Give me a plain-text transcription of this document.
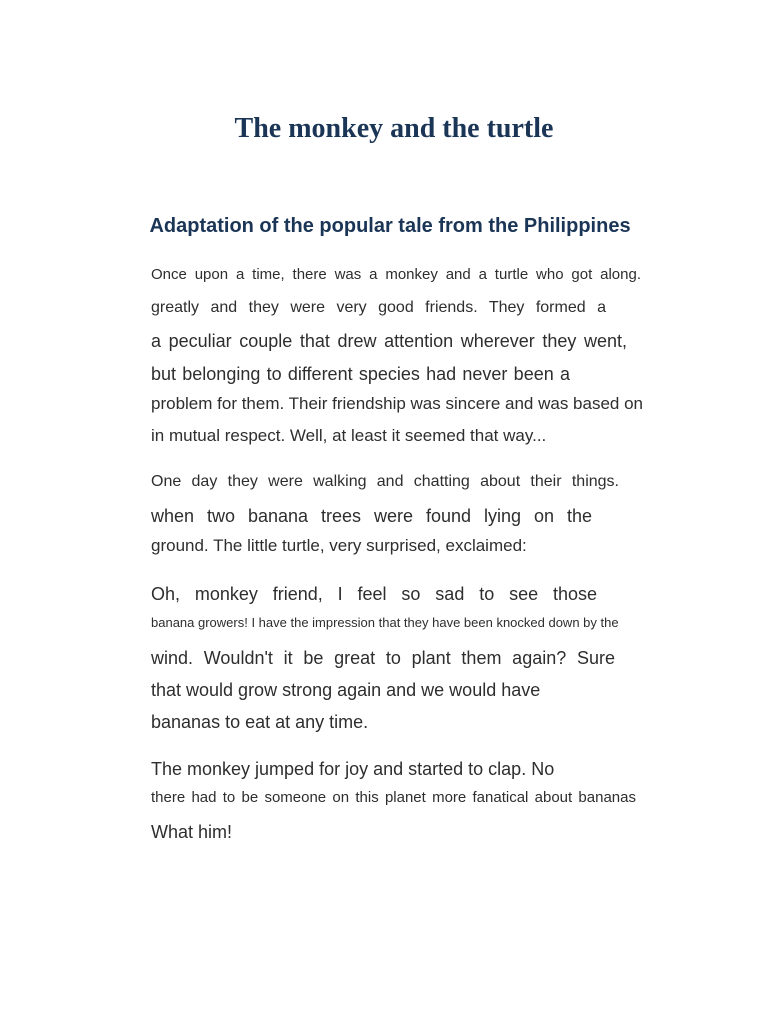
The monkey and the turtle
Adaptation of the popular tale from the Philippines

Once upon a time, there was a monkey and a turtle who got along.

greatly and they were very good friends. They formed a

a peculiar couple that drew attention wherever they went,

but belonging to different species had never been a

problem for them. Their friendship was sincere and was based on

in mutual respect. Well, at least it seemed that way...

One day they were walking and chatting about their things.

when two banana trees were found lying on the

ground. The little turtle, very surprised, exclaimed:

Oh, monkey friend, I feel so sad to see those

banana growers! I have the impression that they have been knocked down by the

wind. Wouldn't it be great to plant them again? Sure

that would grow strong again and we would have

bananas to eat at any time.

The monkey jumped for joy and started to clap. No

there had to be someone on this planet more fanatical about bananas

What him!
